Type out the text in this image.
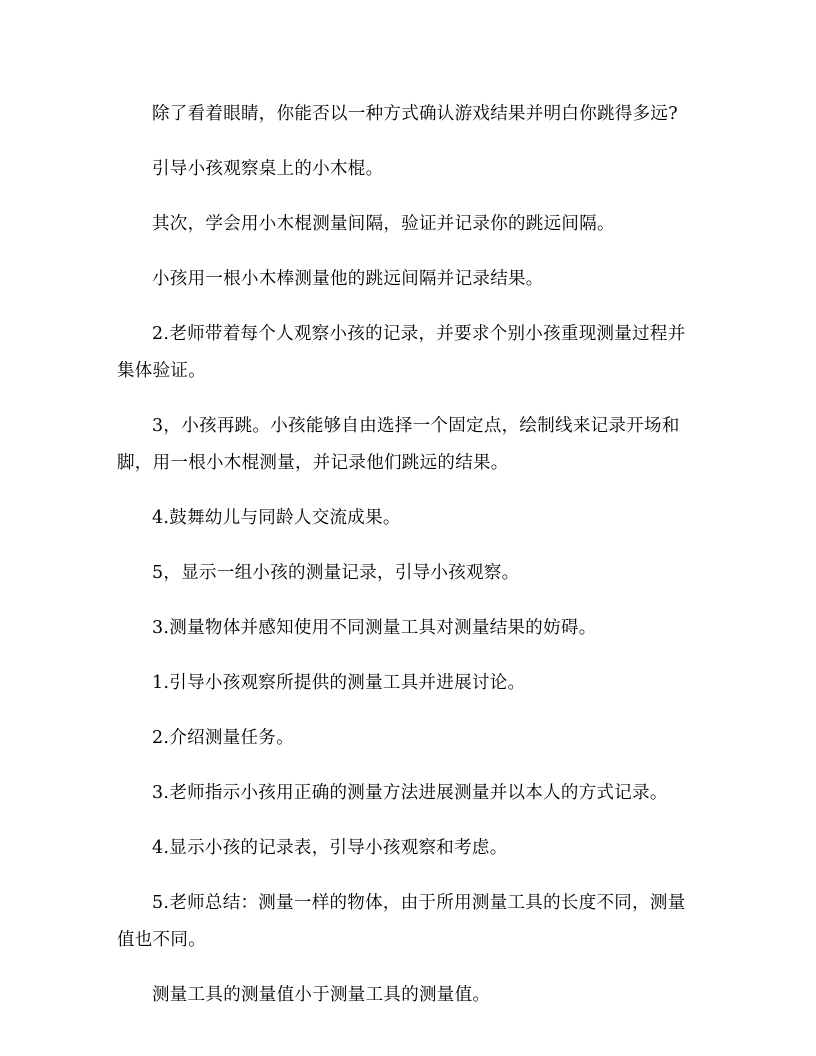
除了看着眼睛，你能否以一种方式确认游戏结果并明白你跳得多远?

引导小孩观察桌上的小木棍。

其次，学会用小木棍测量间隔，验证并记录你的跳远间隔。

小孩用一根小木棒测量他的跳远间隔并记录结果。

2.老师带着每个人观察小孩的记录，并要求个别小孩重现测量过程并集体验证。

3，小孩再跳。小孩能够自由选择一个固定点，绘制线来记录开场和脚，用一根小木棍测量，并记录他们跳远的结果。

4.鼓舞幼儿与同龄人交流成果。

5，显示一组小孩的测量记录，引导小孩观察。

3.测量物体并感知使用不同测量工具对测量结果的妨碍。

1.引导小孩观察所提供的测量工具并进展讨论。

2.介绍测量任务。

3.老师指示小孩用正确的测量方法进展测量并以本人的方式记录。

4.显示小孩的记录表，引导小孩观察和考虑。

5.老师总结：测量一样的物体，由于所用测量工具的长度不同，测量值也不同。

测量工具的测量值小于测量工具的测量值。
